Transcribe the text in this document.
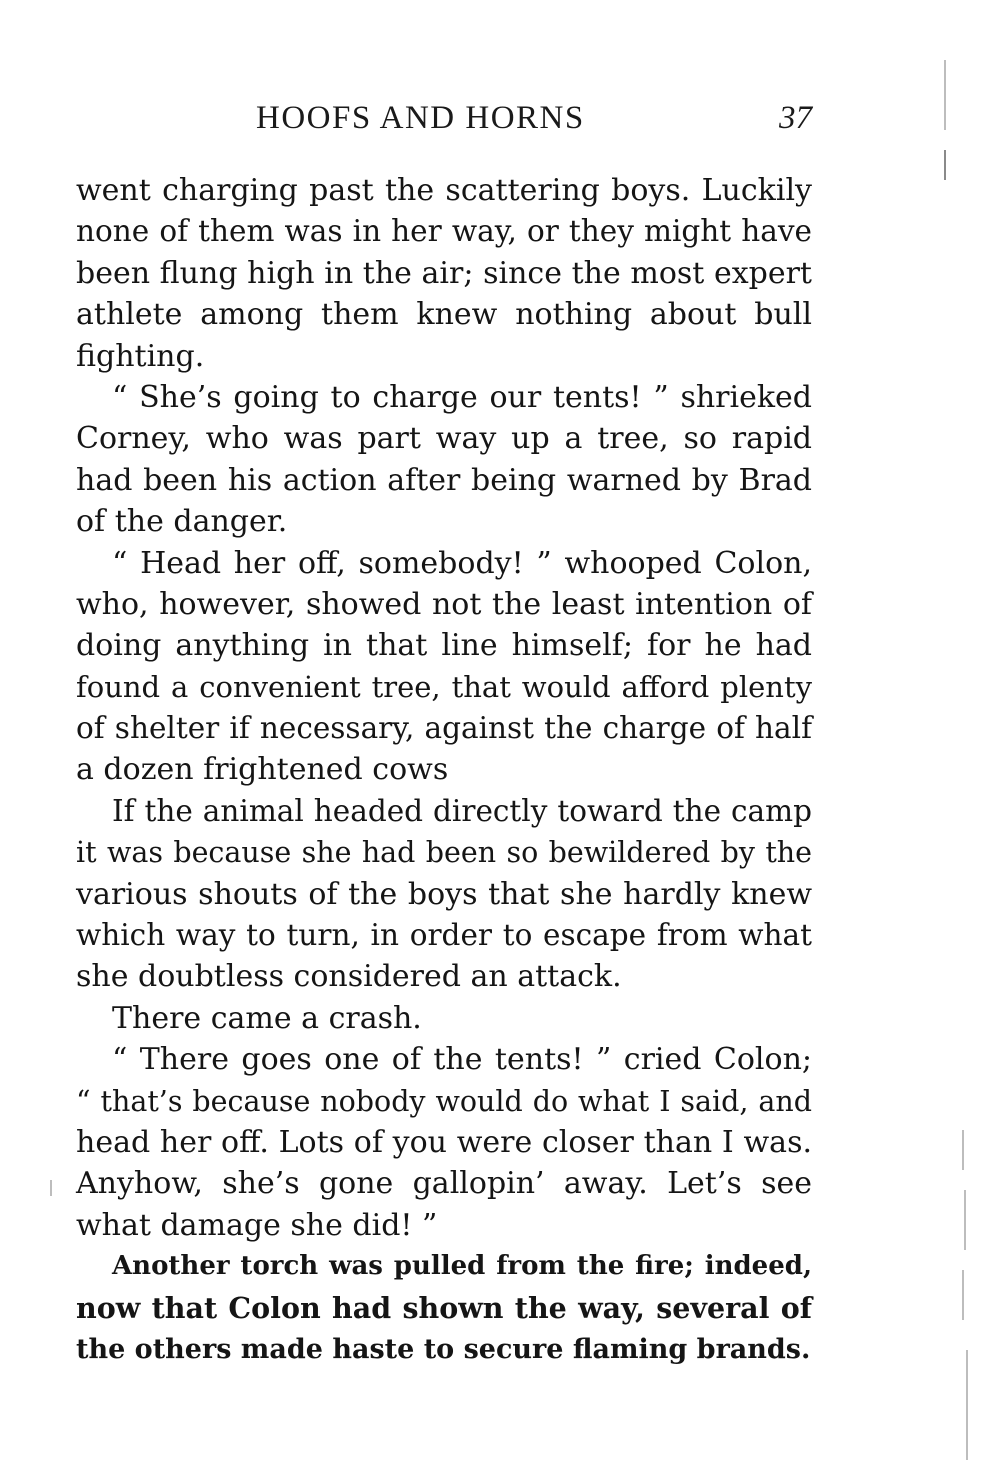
HOOFS AND HORNS	37
went charging past the scattering boys. Luckily
none of them was in her way, or they might have
been flung high in the air; since the most expert
athlete among them knew nothing about bull
fighting.
“ She’s going to charge our tents! ” shrieked
Corney, who was part way up a tree, so rapid
had been his action after being warned by Brad
of the danger.
“ Head her off, somebody! ” whooped Colon,
who, however, showed not the least intention of
doing anything in that line himself; for he had
found a convenient tree, that would afford plenty
of shelter if necessary, against the charge of half
a dozen frightened cows
If the animal headed directly toward the camp
it was because she had been so bewildered by the
various shouts of the boys that she hardly knew
which way to turn, in order to escape from what
she doubtless considered an attack.
There came a crash.
“ There goes one of the tents! ” cried Colon;
“ that’s because nobody would do what I said, and
head her off. Lots of you were closer than I was.
Anyhow, she’s gone gallopin’ away. Let’s see
what damage she did! ”
Another torch was pulled from the fire; indeed,
now that Colon had shown the way, several of
the others made haste to secure flaming brands.
